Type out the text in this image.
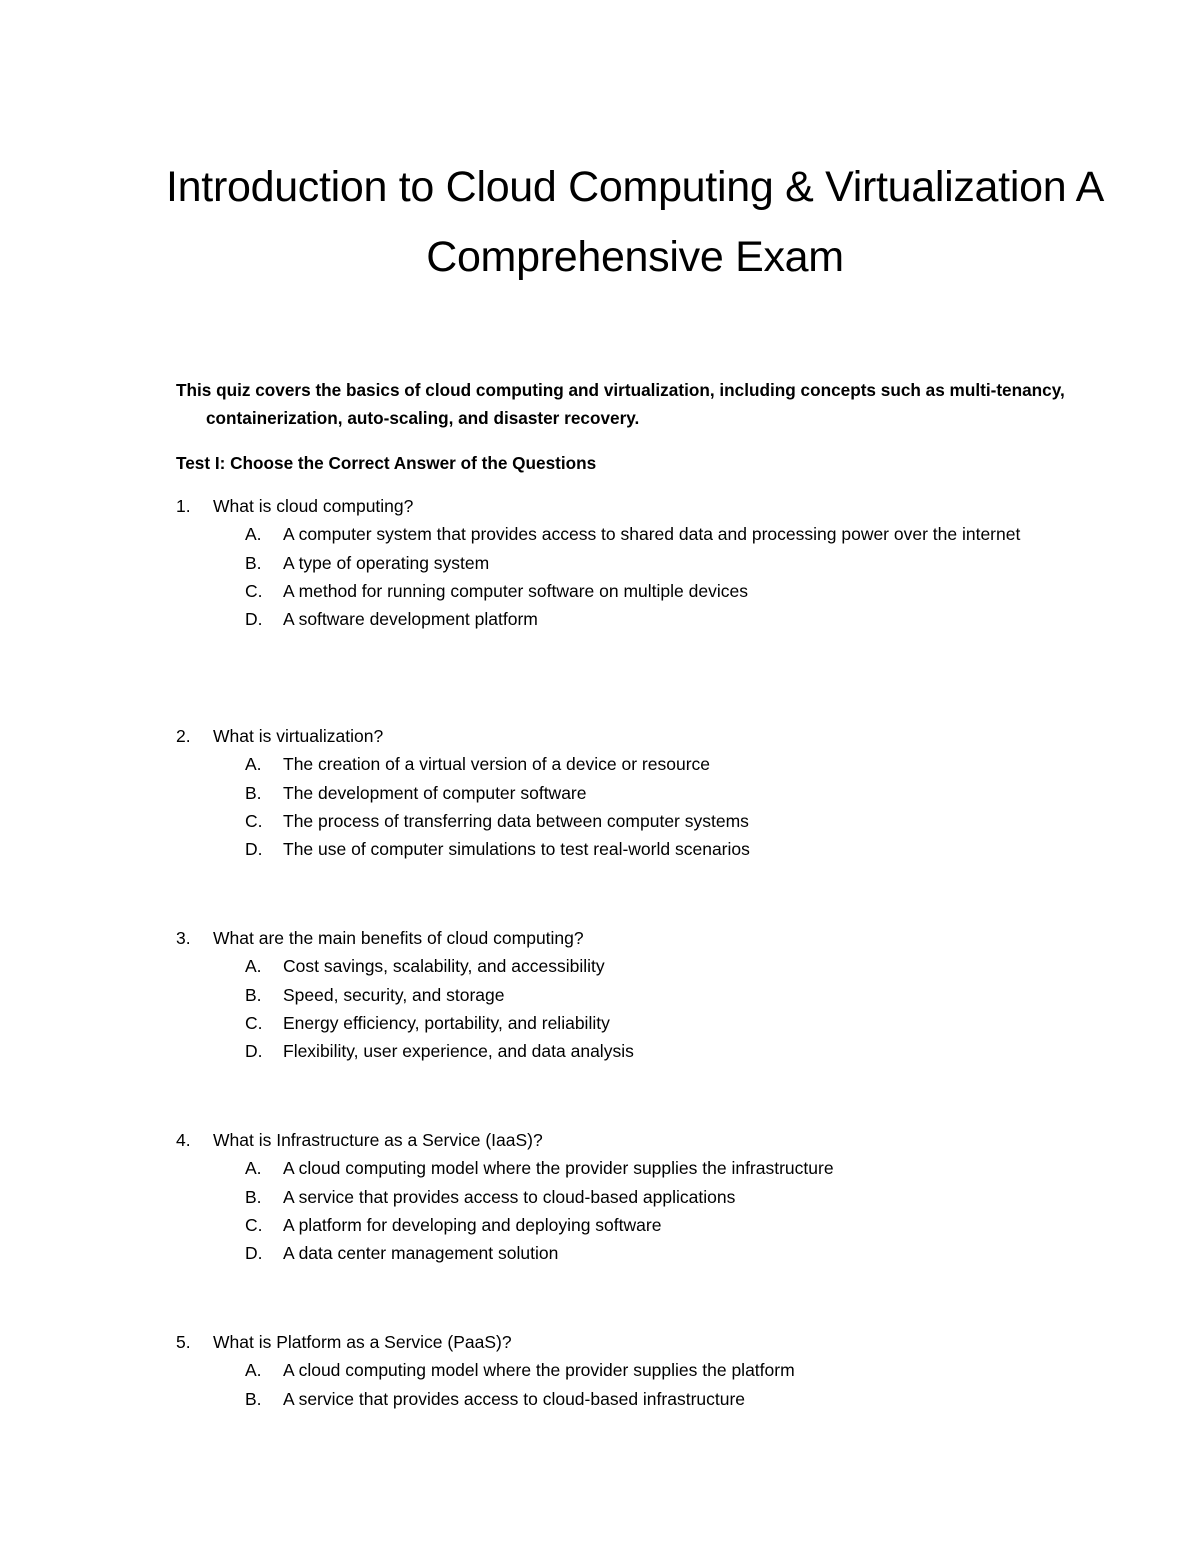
Introduction to Cloud Computing & Virtualization A Comprehensive Exam

This quiz covers the basics of cloud computing and virtualization, including concepts such as multi-tenancy, containerization, auto-scaling, and disaster recovery.

Test I: Choose the Correct Answer of the Questions

1. What is cloud computing?
A. A computer system that provides access to shared data and processing power over the internet
B. A type of operating system
C. A method for running computer software on multiple devices
D. A software development platform
2. What is virtualization?
A. The creation of a virtual version of a device or resource
B. The development of computer software
C. The process of transferring data between computer systems
D. The use of computer simulations to test real-world scenarios
3. What are the main benefits of cloud computing?
A. Cost savings, scalability, and accessibility
B. Speed, security, and storage
C. Energy efficiency, portability, and reliability
D. Flexibility, user experience, and data analysis
4. What is Infrastructure as a Service (IaaS)?
A. A cloud computing model where the provider supplies the infrastructure
B. A service that provides access to cloud-based applications
C. A platform for developing and deploying software
D. A data center management solution
5. What is Platform as a Service (PaaS)?
A. A cloud computing model where the provider supplies the platform
B. A service that provides access to cloud-based infrastructure
